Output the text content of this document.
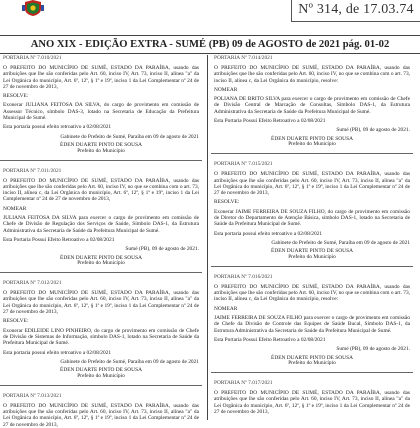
Nº 314, de 17.03.74
ANO XIX - EDIÇÃO EXTRA - SUMÉ (PB) 09 de AGOSTO de 2021 pág. 01-02
PORTARIA Nº 7.010/2021
O PREFEITO DO MUNICÍPIO DE SUMÉ, ESTADO DA PARAÍBA, usando das atribuições que lhe são conferidas pelo Art. 60, inciso IV, Art. 73, inciso II, alínea "a" da Lei Orgânica do município, Art. 6º, 12º, § 1º e 19º, inciso 1 da Lei Complementar nº 24 de 27 de novembro de 2013,
RESOLVE:
Exonerar JULIANA FEITOSA DA SILVA, do cargo de provimento em comissão de Assessor Técnico, símbolo DAS-3, lotado na Secretaria de Educação da Prefeitura Municipal de Sumé.
Esta portaria possui efeito retroativo a 02/08/2021
Gabinete do Prefeito de Sumé, Paraíba em 09 de agosto de 2021
ÉDEN DUARTE PINTO DE SOUSA
Prefeito do Município
PORTARIA Nº 7.011/2021
O PREFEITO DO MUNICÍPIO DE SUMÉ, ESTADO DA PARAÍBA, usando das atribuições que lhe são conferidas pelo Art. 60, inciso IV, no que se combina com o art. 73, inciso II, alínea c, da Lei Orgânica do município, Art. 6º, 12º, § 1º e 19º, inciso 1 da Lei Complementar nº 24 de 27 de novembro de 2013,
NOMEAR
JULIANA FEITOSA DA SILVA para exercer o cargo de provimento em comissão de Chefe de Divisão de Regulação dos Serviços de Saúde, Símbolo DAS-1, da Estrutura Administrativa da Secretaria de Saúde da Prefeitura Municipal de Sumé.
Esta Portaria Possui Efeito Retroativo a 02/08/2021
Sumé (PB), 09 de agosto de 2021.
ÉDEN DUARTE PINTO DE SOUSA
Prefeito do Município
PORTARIA Nº 7.012/2021
O PREFEITO DO MUNICÍPIO DE SUMÉ, ESTADO DA PARAÍBA, usando das atribuições que lhe são conferidas pelo Art. 60, inciso IV, Art. 73, inciso II, alínea "a" da Lei Orgânica do município, Art. 6º, 12º, § 1º e 19º, inciso 1 da Lei Complementar nº 24 de 27 de novembro de 2013,
RESOLVE:
Exonerar EDILEIDE LINO PINHEIRO, do cargo de provimento em comissão de Chefe de Divisão de Sistemas de Informação, símbolo DAS-1, lotado na Secretaria de Saúde da Prefeitura Municipal de Sumé.
Esta portaria possui efeito retroativo a 02/08/2021
Gabinete do Prefeito de Sumé, Paraíba em 09 de agosto de 2021
ÉDEN DUARTE PINTO DE SOUSA
Prefeito do Município
PORTARIA Nº 7.013/2021
O PREFEITO DO MUNICÍPIO DE SUMÉ, ESTADO DA PARAÍBA, usando das atribuições que lhe são conferidas pelo Art. 60, inciso IV, Art. 73, inciso II, alínea "a" da Lei Orgânica do município, Art. 6º, 12º, § 1º e 19º, inciso 1 da Lei Complementar nº 24 de 27 de novembro de 2013,
PORTARIA Nº 7.014/2021
O PREFEITO DO MUNICÍPIO DE SUMÉ, ESTADO DA PARAÍBA, usando das atribuições que lhe são conferidas pelo Art. 60, inciso IV, no que se combina com o art. 73, inciso II, alínea c, da Lei Orgânica do município, resolve:
NOMEAR
POLIANA DE BRITO SILVA para exercer o cargo de provimento em comissão de Chefe de Divisão Central de Marcação de Consultas, Símbolo DAS-1, da Estrutura Administrativa da Secretaria de Saúde da Prefeitura Municipal de Sumé.
Esta Portaria Possui Efeito Retroativo a 02/08/2021
Sumé (PB), 09 de agosto de 2021.
ÉDEN DUARTE PINTO DE SOUSA
Prefeito do Município
PORTARIA Nº 7.015/2021
O PREFEITO DO MUNICÍPIO DE SUMÉ, ESTADO DA PARAÍBA, usando das atribuições que lhe são conferidas pelo Art. 60, inciso IV, Art. 73, inciso II, alínea "a" da Lei Orgânica do município, Art. 6º, 12º, § 1º e 19º, inciso 1 da Lei Complementar nº 24 de 27 de novembro de 2013,
RESOLVE:
Exonerar JAIME FERREIRA DE SOUZA FILHO, do cargo de provimento em comissão de Diretor do Departamento de Atenção Básica, símbolo DAS-1, lotado na Secretaria de Saúde da Prefeitura Municipal de Sumé.
Esta portaria possui efeito retroativo a 02/08/2021
Gabinete do Prefeito de Sumé, Paraíba em 09 de agosto de 2021
ÉDEN DUARTE PINTO DE SOUSA
Prefeito do Município
PORTARIA Nº 7.016/2021
O PREFEITO DO MUNICÍPIO DE SUMÉ, ESTADO DA PARAÍBA, usando das atribuições que lhe são conferidas pelo Art. 60, inciso IV, no que se combina com o art. 73, inciso II, alínea c, da Lei Orgânica do município, resolve:
NOMEAR
JAIME FERREIRA DE SOUZA FILHO para exercer o cargo de provimento em comissão de Chefe da Divisão de Controle das Equipes de Saúde Bucal, Símbolo DAS-1, da Estrutura Administrativa da Secretaria de Saúde da Prefeitura Municipal de Sumé.
Esta Portaria Possui Efeito Retroativo a 02/08/2021
Sumé (PB), 09 de agosto de 2021.
ÉDEN DUARTE PINTO DE SOUSA
Prefeito do Município
PORTARIA Nº 7.017/2021
O PREFEITO DO MUNICÍPIO DE SUMÉ, ESTADO DA PARAÍBA, usando das atribuições que lhe são conferidas pelo Art. 60, inciso IV, Art. 73, inciso II, alínea "a" da Lei Orgânica do município, Art. 6º, 12º, § 1º e 19º, inciso 1 da Lei Complementar nº 24 de 27 de novembro de 2013,
